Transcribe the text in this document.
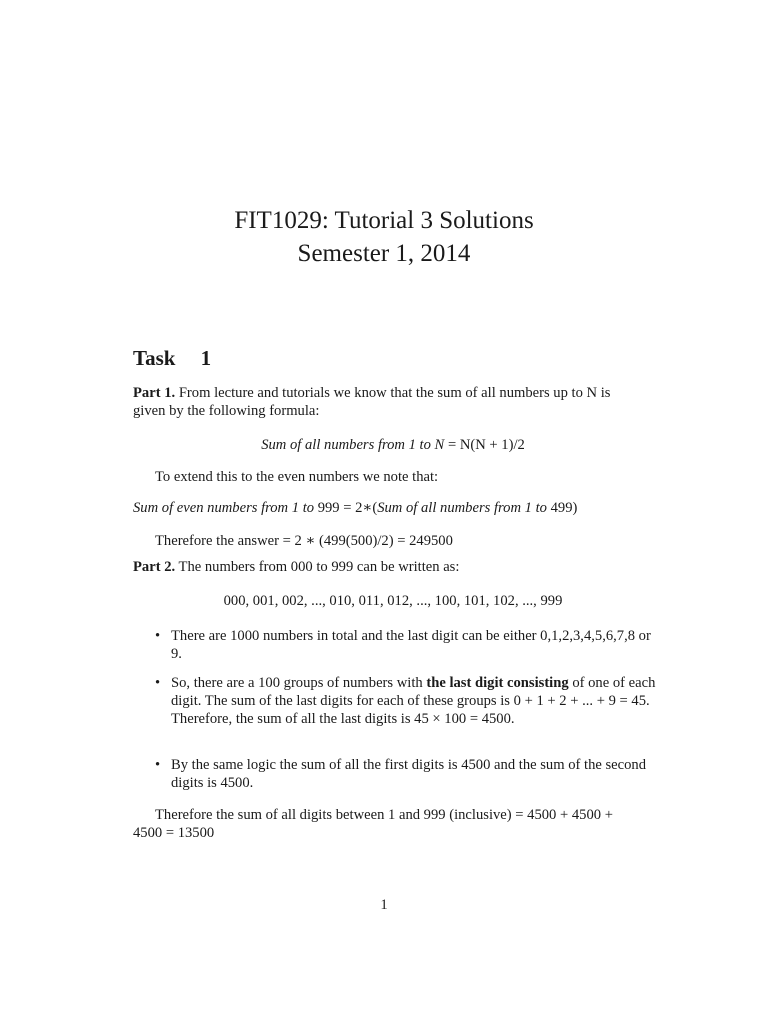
FIT1029: Tutorial 3 Solutions
Semester 1, 2014
Task 1
Part 1. From lecture and tutorials we know that the sum of all numbers up to N is given by the following formula:
Sum of all numbers from 1 to N = N(N + 1)/2
To extend this to the even numbers we note that:
Sum of even numbers from 1 to 999 = 2∗(Sum of all numbers from 1 to 499)
Therefore the answer = 2 ∗ (499(500)/2) = 249500
Part 2. The numbers from 000 to 999 can be written as:
000, 001, 002, ..., 010, 011, 012, ..., 100, 101, 102, ..., 999
• There are 1000 numbers in total and the last digit can be either 0,1,2,3,4,5,6,7,8 or 9.
• So, there are a 100 groups of numbers with the last digit consisting of one of each digit. The sum of the last digits for each of these groups is 0 + 1 + 2 + ... + 9 = 45. Therefore, the sum of all the last digits is 45 × 100 = 4500.
• By the same logic the sum of all the first digits is 4500 and the sum of the second digits is 4500.
Therefore the sum of all digits between 1 and 999 (inclusive) = 4500 + 4500 + 4500 = 13500
1
